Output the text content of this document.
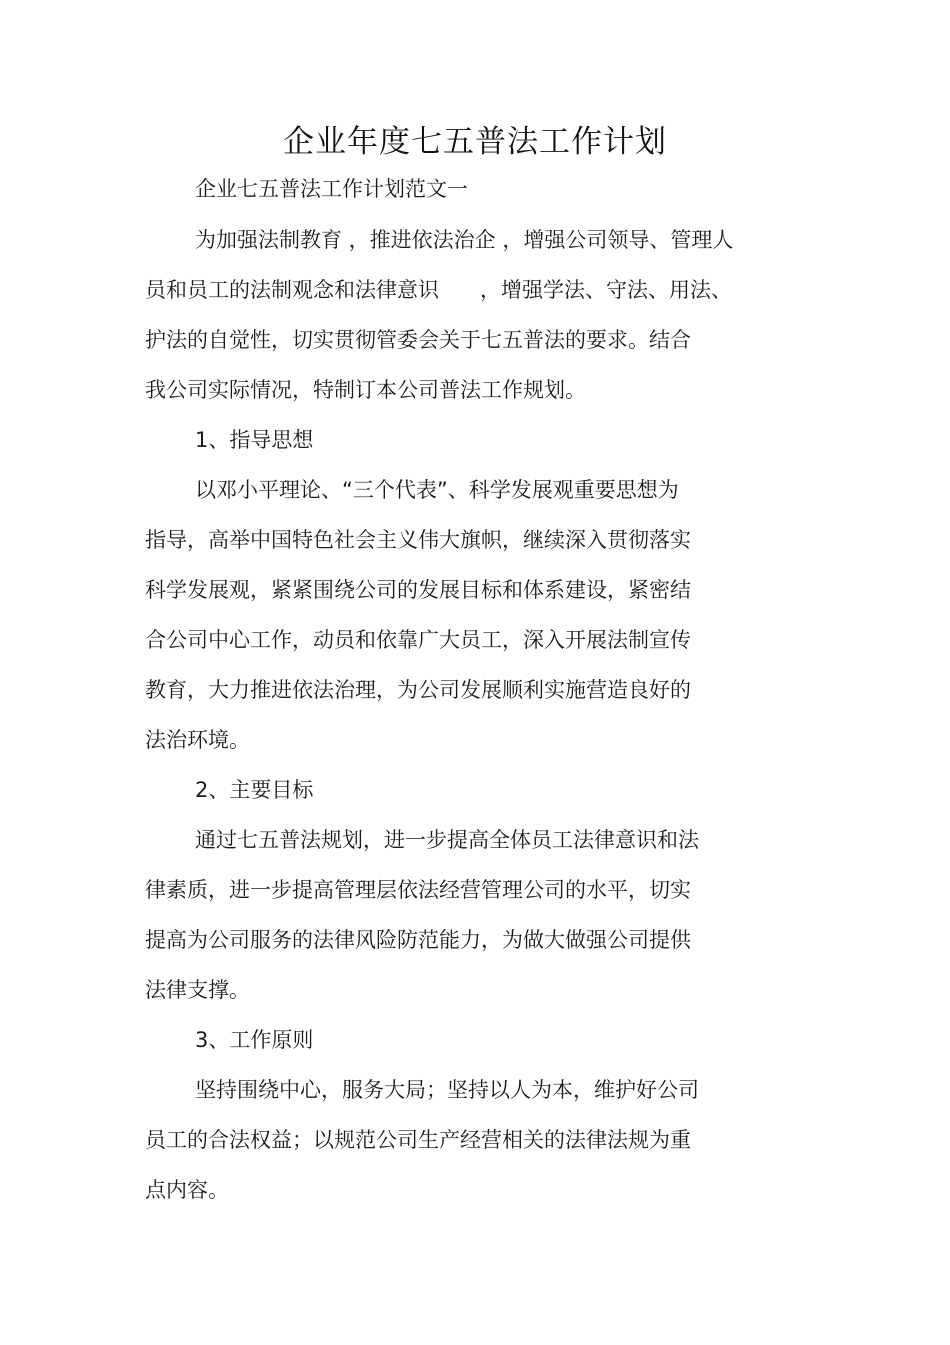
企业年度七五普法工作计划
企业七五普法工作计划范文一
为加强法制教育 ，推进依法治企 ，增强公司领导、管理人
员和员工的法制观念和法律意识 　  ，增强学法、守法、用法、
护法的自觉性，切实贯彻管委会关于七五普法的要求。结合
我公司实际情况，特制订本公司普法工作规划。
1、指导思想
以邓小平理论、“三个代表”、科学发展观重要思想为
指导，高举中国特色社会主义伟大旗帜，继续深入贯彻落实
科学发展观，紧紧围绕公司的发展目标和体系建设，紧密结
合公司中心工作，动员和依靠广大员工，深入开展法制宣传
教育，大力推进依法治理，为公司发展顺利实施营造良好的
法治环境。
2、主要目标
通过七五普法规划，进一步提高全体员工法律意识和法
律素质，进一步提高管理层依法经营管理公司的水平，切实
提高为公司服务的法律风险防范能力，为做大做强公司提供
法律支撑。
3、工作原则
坚持围绕中心，服务大局；坚持以人为本，维护好公司
员工的合法权益；以规范公司生产经营相关的法律法规为重
点内容。
